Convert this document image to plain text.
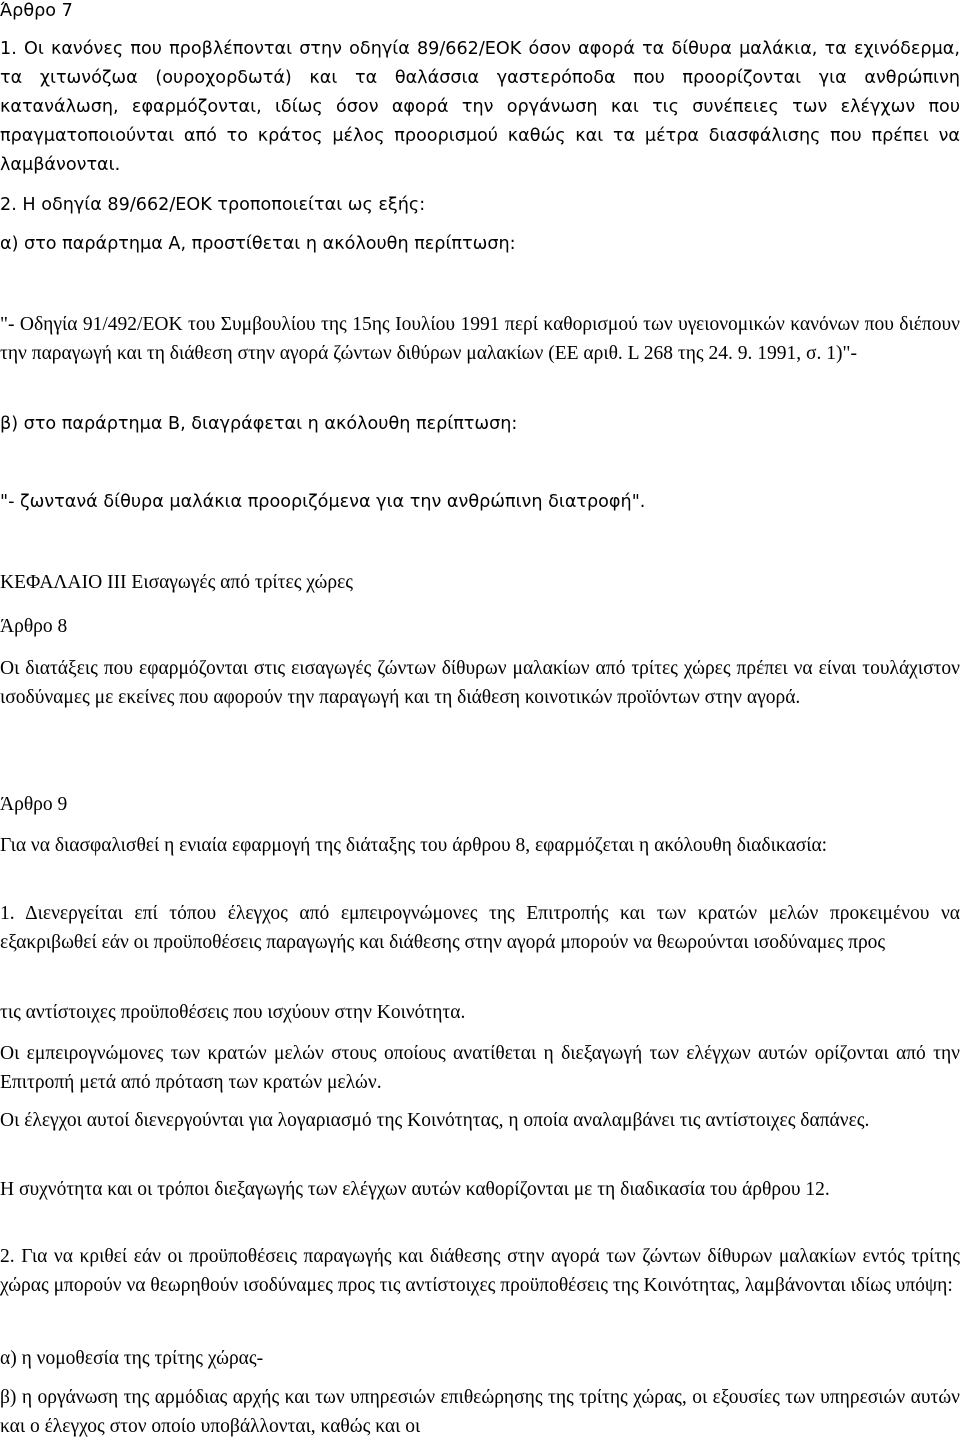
Άρθρο 7
1. Οι κανόνες που προβλέπονται στην οδηγία 89/662/ΕΟΚ όσον αφορά τα δίθυρα μαλάκια, τα εχινόδερμα, τα χιτωνόζωα (ουροχορδωτά) και τα θαλάσσια γαστερόποδα που προορίζονται για ανθρώπινη κατανάλωση, εφαρμόζονται, ιδίως όσον αφορά την οργάνωση και τις συνέπειες των ελέγχων που πραγματοποιούνται από το κράτος μέλος προορισμού καθώς και τα μέτρα διασφάλισης που πρέπει να λαμβάνονται.
2. Η οδηγία 89/662/ΕΟΚ τροποποιείται ως εξής:
α) στο παράρτημα Α, προστίθεται η ακόλουθη περίπτωση:
"- Οδηγία 91/492/ΕΟΚ του Συμβουλίου της 15ης Ιουλίου 1991 περί καθορισμού των υγειονομικών κανόνων που διέπουν την παραγωγή και τη διάθεση στην αγορά ζώντων διθύρων μαλακίων (ΕΕ αριθ. L 268 της 24. 9. 1991, σ. 1)"-
β) στο παράρτημα Β, διαγράφεται η ακόλουθη περίπτωση:
"- ζωντανά δίθυρα μαλάκια προοριζόμενα για την ανθρώπινη διατροφή".
ΚΕΦΑΛΑΙΟ III Εισαγωγές από τρίτες χώρες
Άρθρο 8
Οι διατάξεις που εφαρμόζονται στις εισαγωγές ζώντων δίθυρων μαλακίων από τρίτες χώρες πρέπει να είναι τουλάχιστον ισοδύναμες με εκείνες που αφορούν την παραγωγή και τη διάθεση κοινοτικών προϊόντων στην αγορά.
Άρθρο 9
Για να διασφαλισθεί η ενιαία εφαρμογή της διάταξης του άρθρου 8, εφαρμόζεται η ακόλουθη διαδικασία:
1. Διενεργείται επί τόπου έλεγχος από εμπειρογνώμονες της Επιτροπής και των κρατών μελών προκειμένου να εξακριβωθεί εάν οι προϋποθέσεις παραγωγής και διάθεσης στην αγορά μπορούν να θεωρούνται ισοδύναμες προς
τις αντίστοιχες προϋποθέσεις που ισχύουν στην Κοινότητα.
Οι εμπειρογνώμονες των κρατών μελών στους οποίους ανατίθεται η διεξαγωγή των ελέγχων αυτών ορίζονται από την Επιτροπή μετά από πρόταση των κρατών μελών.
Οι έλεγχοι αυτοί διενεργούνται για λογαριασμό της Κοινότητας, η οποία αναλαμβάνει τις αντίστοιχες δαπάνες.
Η συχνότητα και οι τρόποι διεξαγωγής των ελέγχων αυτών καθορίζονται με τη διαδικασία του άρθρου 12.
2. Για να κριθεί εάν οι προϋποθέσεις παραγωγής και διάθεσης στην αγορά των ζώντων δίθυρων μαλακίων εντός τρίτης χώρας μπορούν να θεωρηθούν ισοδύναμες προς τις αντίστοιχες προϋποθέσεις της Κοινότητας, λαμβάνονται ιδίως υπόψη:
α) η νομοθεσία της τρίτης χώρας-
β) η οργάνωση της αρμόδιας αρχής και των υπηρεσιών επιθεώρησης της τρίτης χώρας, οι εξουσίες των υπηρεσιών αυτών και ο έλεγχος στον οποίο υποβάλλονται, καθώς και οι
